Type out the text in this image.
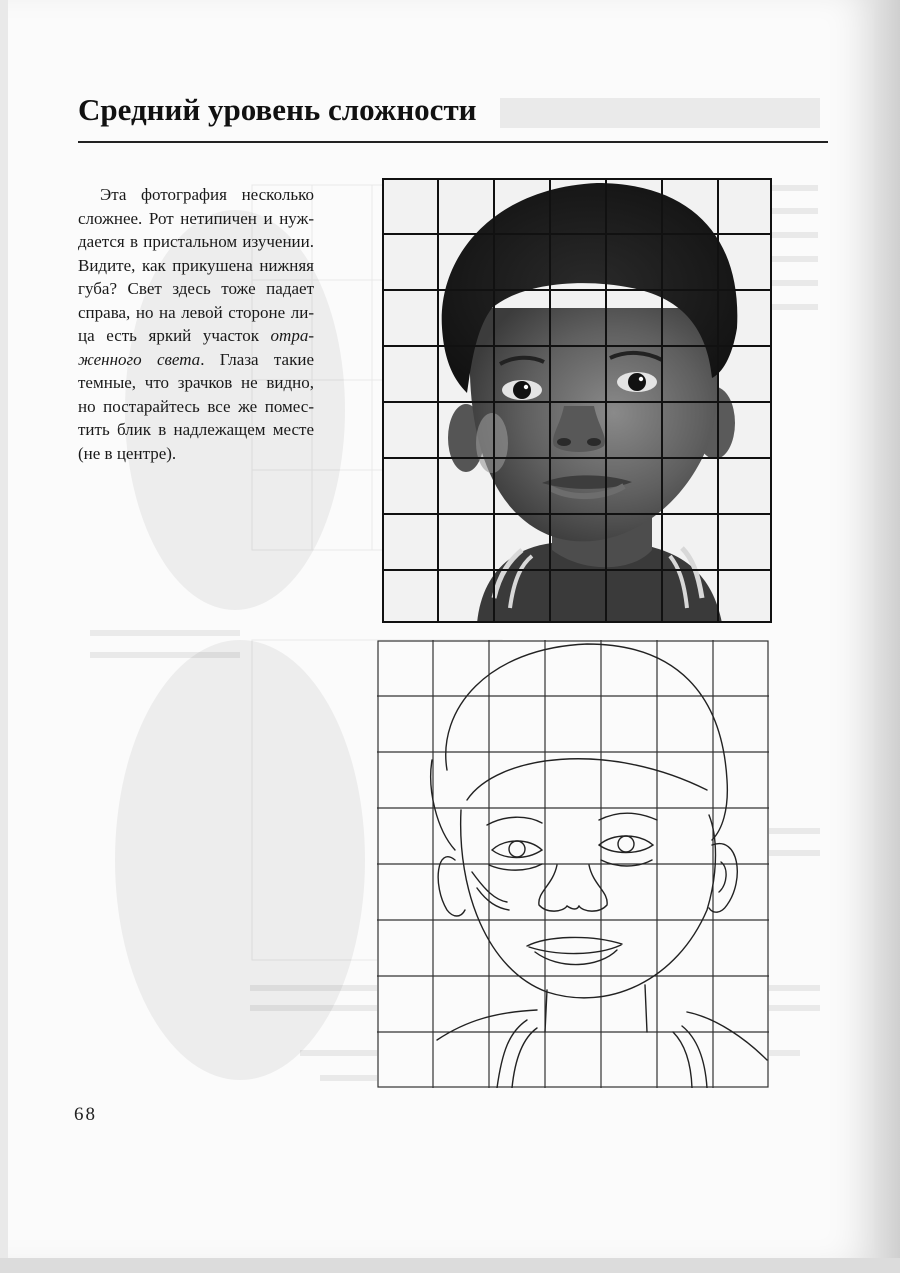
Средний уровень сложности

Эта фотография несколько сложнее. Рот нетипичен и нуждается в пристальном изучении. Видите, как прикушена нижняя губа? Свет здесь тоже падает справа, но на левой стороне лица есть яркий участок отраженного света. Глаза такие темные, что зрачков не видно, но постарайтесь все же поместить блик в надлежащем месте (не в центре).

68
